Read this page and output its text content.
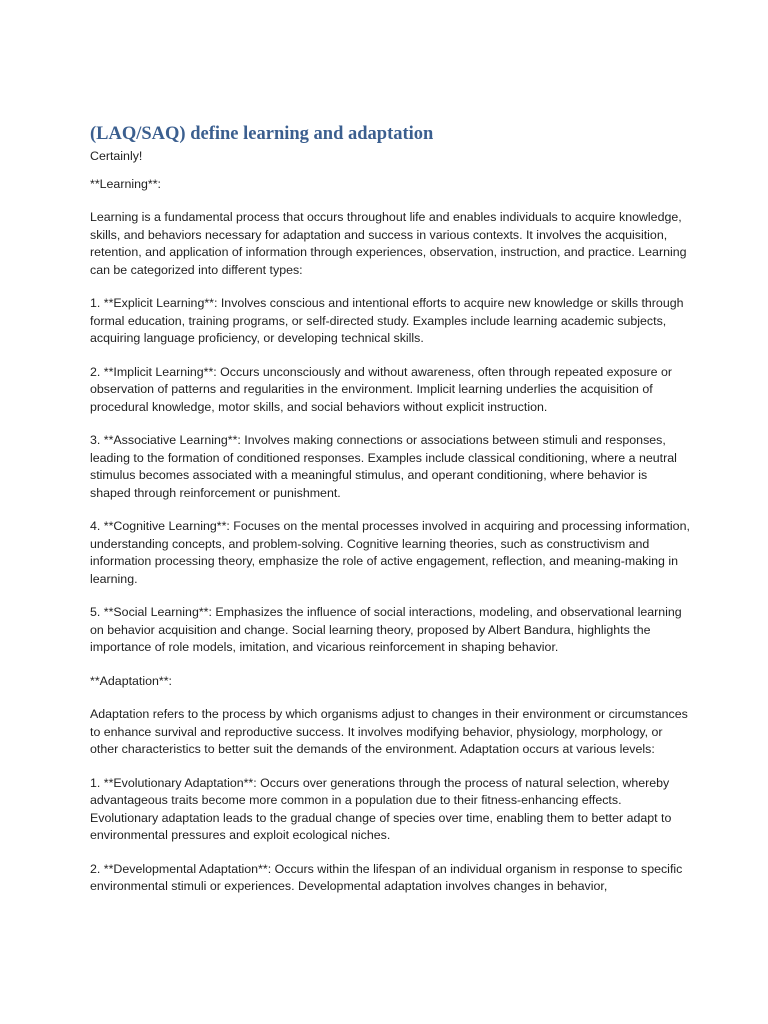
(LAQ/SAQ) define learning and adaptation

Certainly!

**Learning**:

Learning is a fundamental process that occurs throughout life and enables individuals to acquire knowledge, skills, and behaviors necessary for adaptation and success in various contexts. It involves the acquisition, retention, and application of information through experiences, observation, instruction, and practice. Learning can be categorized into different types:

1. **Explicit Learning**: Involves conscious and intentional efforts to acquire new knowledge or skills through formal education, training programs, or self-directed study. Examples include learning academic subjects, acquiring language proficiency, or developing technical skills.

2. **Implicit Learning**: Occurs unconsciously and without awareness, often through repeated exposure or observation of patterns and regularities in the environment. Implicit learning underlies the acquisition of procedural knowledge, motor skills, and social behaviors without explicit instruction.

3. **Associative Learning**: Involves making connections or associations between stimuli and responses, leading to the formation of conditioned responses. Examples include classical conditioning, where a neutral stimulus becomes associated with a meaningful stimulus, and operant conditioning, where behavior is shaped through reinforcement or punishment.

4. **Cognitive Learning**: Focuses on the mental processes involved in acquiring and processing information, understanding concepts, and problem-solving. Cognitive learning theories, such as constructivism and information processing theory, emphasize the role of active engagement, reflection, and meaning-making in learning.

5. **Social Learning**: Emphasizes the influence of social interactions, modeling, and observational learning on behavior acquisition and change. Social learning theory, proposed by Albert Bandura, highlights the importance of role models, imitation, and vicarious reinforcement in shaping behavior.

**Adaptation**:

Adaptation refers to the process by which organisms adjust to changes in their environment or circumstances to enhance survival and reproductive success. It involves modifying behavior, physiology, morphology, or other characteristics to better suit the demands of the environment. Adaptation occurs at various levels:

1. **Evolutionary Adaptation**: Occurs over generations through the process of natural selection, whereby advantageous traits become more common in a population due to their fitness-enhancing effects. Evolutionary adaptation leads to the gradual change of species over time, enabling them to better adapt to environmental pressures and exploit ecological niches.

2. **Developmental Adaptation**: Occurs within the lifespan of an individual organism in response to specific environmental stimuli or experiences. Developmental adaptation involves changes in behavior,
